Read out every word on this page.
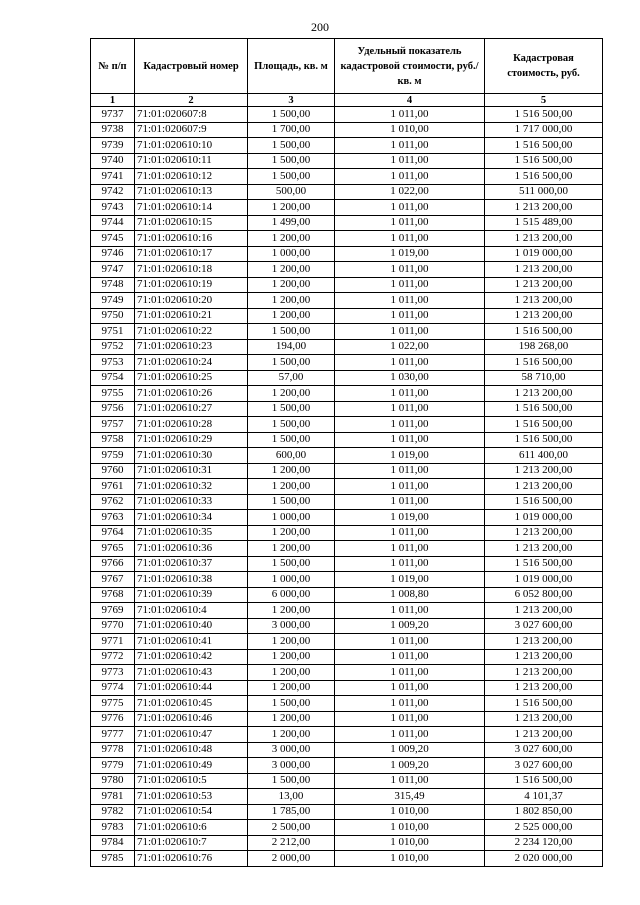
200
№ п/п	Кадастровый номер	Площадь, кв. м	Удельный показатель кадастровой стоимости, руб./кв. м	Кадастровая стоимость, руб.
1	2	3	4	5
9737	71:01:020607:8	1 500,00	1 011,00	1 516 500,00
9738	71:01:020607:9	1 700,00	1 010,00	1 717 000,00
9739	71:01:020610:10	1 500,00	1 011,00	1 516 500,00
9740	71:01:020610:11	1 500,00	1 011,00	1 516 500,00
9741	71:01:020610:12	1 500,00	1 011,00	1 516 500,00
9742	71:01:020610:13	500,00	1 022,00	511 000,00
9743	71:01:020610:14	1 200,00	1 011,00	1 213 200,00
9744	71:01:020610:15	1 499,00	1 011,00	1 515 489,00
9745	71:01:020610:16	1 200,00	1 011,00	1 213 200,00
9746	71:01:020610:17	1 000,00	1 019,00	1 019 000,00
9747	71:01:020610:18	1 200,00	1 011,00	1 213 200,00
9748	71:01:020610:19	1 200,00	1 011,00	1 213 200,00
9749	71:01:020610:20	1 200,00	1 011,00	1 213 200,00
9750	71:01:020610:21	1 200,00	1 011,00	1 213 200,00
9751	71:01:020610:22	1 500,00	1 011,00	1 516 500,00
9752	71:01:020610:23	194,00	1 022,00	198 268,00
9753	71:01:020610:24	1 500,00	1 011,00	1 516 500,00
9754	71:01:020610:25	57,00	1 030,00	58 710,00
9755	71:01:020610:26	1 200,00	1 011,00	1 213 200,00
9756	71:01:020610:27	1 500,00	1 011,00	1 516 500,00
9757	71:01:020610:28	1 500,00	1 011,00	1 516 500,00
9758	71:01:020610:29	1 500,00	1 011,00	1 516 500,00
9759	71:01:020610:30	600,00	1 019,00	611 400,00
9760	71:01:020610:31	1 200,00	1 011,00	1 213 200,00
9761	71:01:020610:32	1 200,00	1 011,00	1 213 200,00
9762	71:01:020610:33	1 500,00	1 011,00	1 516 500,00
9763	71:01:020610:34	1 000,00	1 019,00	1 019 000,00
9764	71:01:020610:35	1 200,00	1 011,00	1 213 200,00
9765	71:01:020610:36	1 200,00	1 011,00	1 213 200,00
9766	71:01:020610:37	1 500,00	1 011,00	1 516 500,00
9767	71:01:020610:38	1 000,00	1 019,00	1 019 000,00
9768	71:01:020610:39	6 000,00	1 008,80	6 052 800,00
9769	71:01:020610:4	1 200,00	1 011,00	1 213 200,00
9770	71:01:020610:40	3 000,00	1 009,20	3 027 600,00
9771	71:01:020610:41	1 200,00	1 011,00	1 213 200,00
9772	71:01:020610:42	1 200,00	1 011,00	1 213 200,00
9773	71:01:020610:43	1 200,00	1 011,00	1 213 200,00
9774	71:01:020610:44	1 200,00	1 011,00	1 213 200,00
9775	71:01:020610:45	1 500,00	1 011,00	1 516 500,00
9776	71:01:020610:46	1 200,00	1 011,00	1 213 200,00
9777	71:01:020610:47	1 200,00	1 011,00	1 213 200,00
9778	71:01:020610:48	3 000,00	1 009,20	3 027 600,00
9779	71:01:020610:49	3 000,00	1 009,20	3 027 600,00
9780	71:01:020610:5	1 500,00	1 011,00	1 516 500,00
9781	71:01:020610:53	13,00	315,49	4 101,37
9782	71:01:020610:54	1 785,00	1 010,00	1 802 850,00
9783	71:01:020610:6	2 500,00	1 010,00	2 525 000,00
9784	71:01:020610:7	2 212,00	1 010,00	2 234 120,00
9785	71:01:020610:76	2 000,00	1 010,00	2 020 000,00
